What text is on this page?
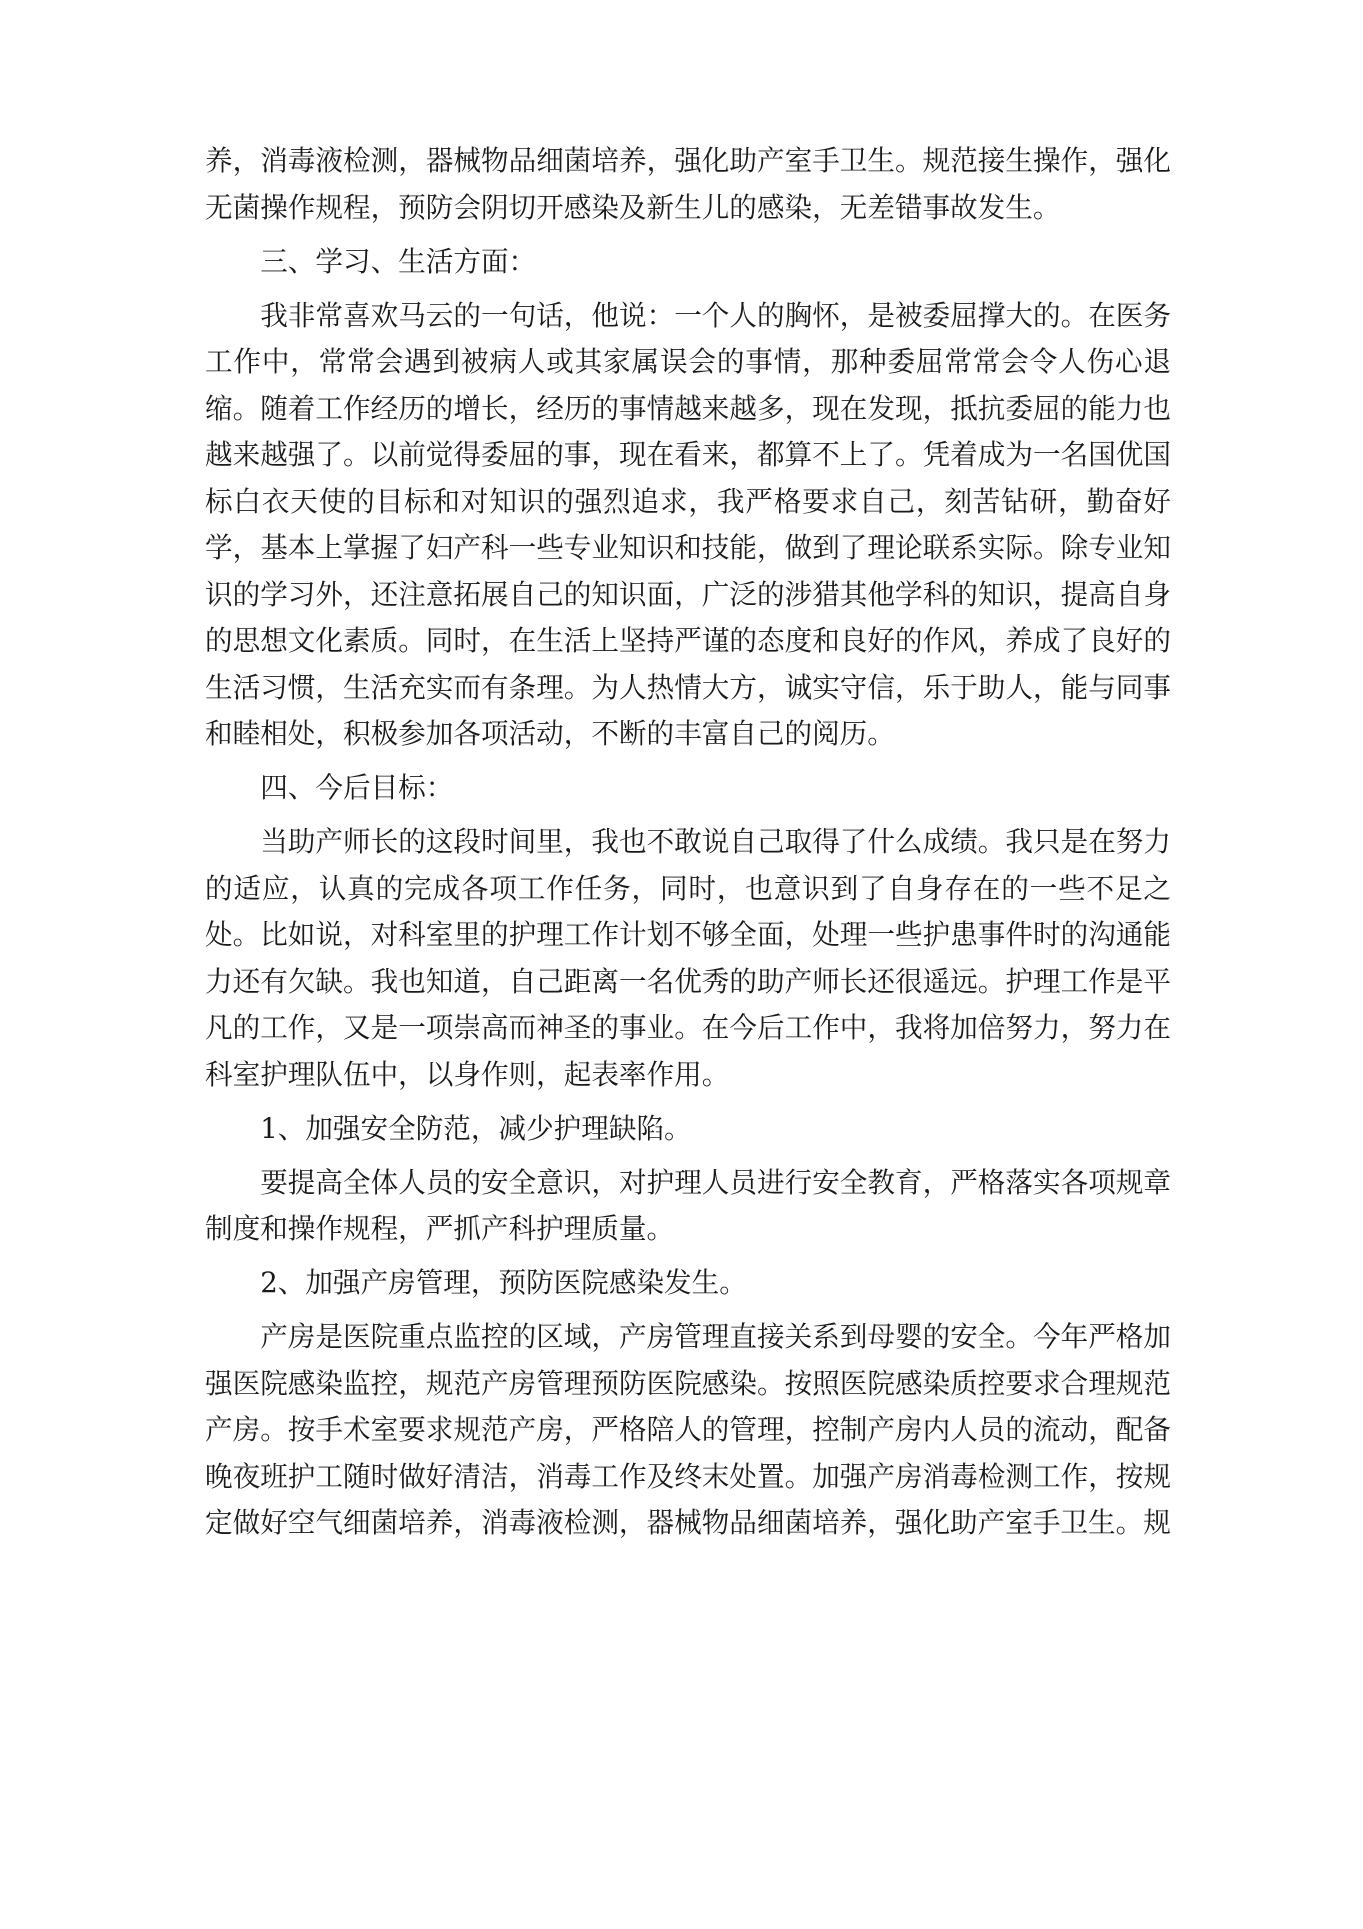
养，消毒液检测，器械物品细菌培养，强化助产室手卫生。规范接生操作，强化无菌操作规程，预防会阴切开感染及新生儿的感染，无差错事故发生。

三、学习、生活方面：

我非常喜欢马云的一句话，他说：一个人的胸怀，是被委屈撑大的。在医务工作中，常常会遇到被病人或其家属误会的事情，那种委屈常常会令人伤心退缩。随着工作经历的增长，经历的事情越来越多，现在发现，抵抗委屈的能力也越来越强了。以前觉得委屈的事，现在看来，都算不上了。凭着成为一名国优国标白衣天使的目标和对知识的强烈追求，我严格要求自己，刻苦钻研，勤奋好学，基本上掌握了妇产科一些专业知识和技能，做到了理论联系实际。除专业知识的学习外，还注意拓展自己的知识面，广泛的涉猎其他学科的知识，提高自身的思想文化素质。同时，在生活上坚持严谨的态度和良好的作风，养成了良好的生活习惯，生活充实而有条理。为人热情大方，诚实守信，乐于助人，能与同事和睦相处，积极参加各项活动，不断的丰富自己的阅历。

四、今后目标：

当助产师长的这段时间里，我也不敢说自己取得了什么成绩。我只是在努力的适应，认真的完成各项工作任务，同时，也意识到了自身存在的一些不足之处。比如说，对科室里的护理工作计划不够全面，处理一些护患事件时的沟通能力还有欠缺。我也知道，自己距离一名优秀的助产师长还很遥远。护理工作是平凡的工作，又是一项崇高而神圣的事业。在今后工作中，我将加倍努力，努力在科室护理队伍中，以身作则，起表率作用。

1、加强安全防范，减少护理缺陷。

要提高全体人员的安全意识，对护理人员进行安全教育，严格落实各项规章制度和操作规程，严抓产科护理质量。

2、加强产房管理，预防医院感染发生。

产房是医院重点监控的区域，产房管理直接关系到母婴的安全。今年严格加强医院感染监控，规范产房管理预防医院感染。按照医院感染质控要求合理规范产房。按手术室要求规范产房，严格陪人的管理，控制产房内人员的流动，配备晚夜班护工随时做好清洁，消毒工作及终末处置。加强产房消毒检测工作，按规定做好空气细菌培养，消毒液检测，器械物品细菌培养，强化助产室手卫生。规
